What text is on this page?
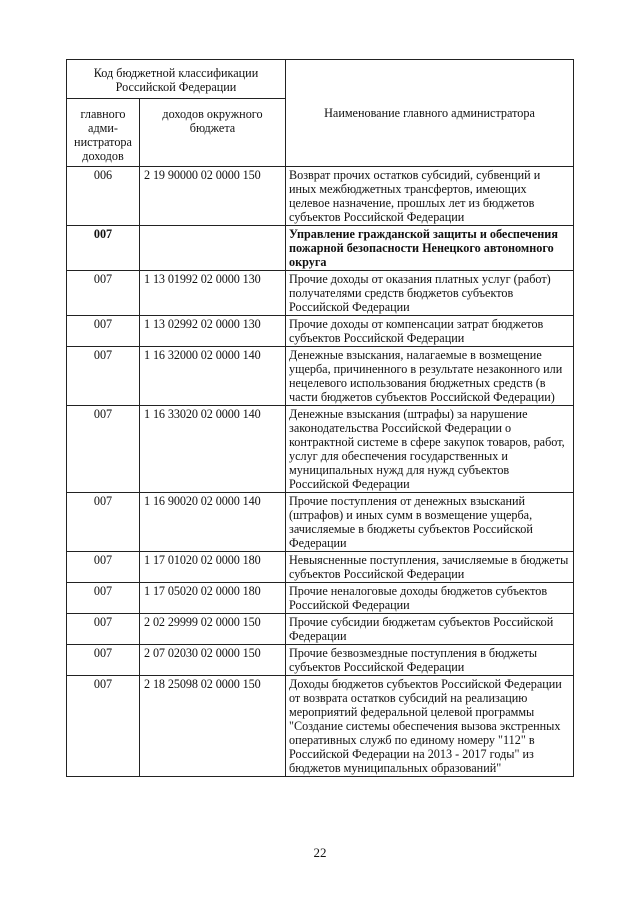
Код бюджетной классификации Российской Федерации		Наименование главного администратора
главного адми-нистратора доходов	доходов окружного бюджета	
006	2 19 90000 02 0000 150	Возврат прочих остатков субсидий, субвенций и иных межбюджетных трансфертов, имеющих целевое назначение, прошлых лет из бюджетов субъектов Российской Федерации
007		Управление гражданской защиты и обеспечения пожарной безопасности Ненецкого автономного округа
007	1 13 01992 02 0000 130	Прочие доходы от оказания платных услуг (работ) получателями средств бюджетов субъектов Российской Федерации
007	1 13 02992 02 0000 130	Прочие доходы от компенсации затрат бюджетов субъектов Российской Федерации
007	1 16 32000 02 0000 140	Денежные взыскания, налагаемые в возмещение ущерба, причиненного в результате незаконного или нецелевого использования бюджетных средств (в части бюджетов субъектов Российской Федерации)
007	1 16 33020 02 0000 140	Денежные взыскания (штрафы) за нарушение законодательства Российской Федерации о контрактной системе в сфере закупок товаров, работ, услуг для обеспечения государственных и муниципальных нужд для нужд субъектов Российской Федерации
007	1 16 90020 02 0000 140	Прочие поступления от денежных взысканий (штрафов) и иных сумм в возмещение ущерба, зачисляемые в бюджеты субъектов Российской Федерации
007	1 17 01020 02 0000 180	Невыясненные поступления, зачисляемые в бюджеты субъектов Российской Федерации
007	1 17 05020 02 0000 180	Прочие неналоговые доходы бюджетов субъектов Российской Федерации
007	2 02 29999 02 0000 150	Прочие субсидии бюджетам субъектов Российской Федерации
007	2 07 02030 02 0000 150	Прочие безвозмездные поступления в бюджеты субъектов Российской Федерации
007	2 18 25098 02 0000 150	Доходы бюджетов субъектов Российской Федерации от возврата остатков субсидий на реализацию мероприятий федеральной целевой программы "Создание системы обеспечения вызова экстренных оперативных служб по единому номеру "112" в Российской Федерации на 2013 - 2017 годы" из бюджетов муниципальных образований"
22
